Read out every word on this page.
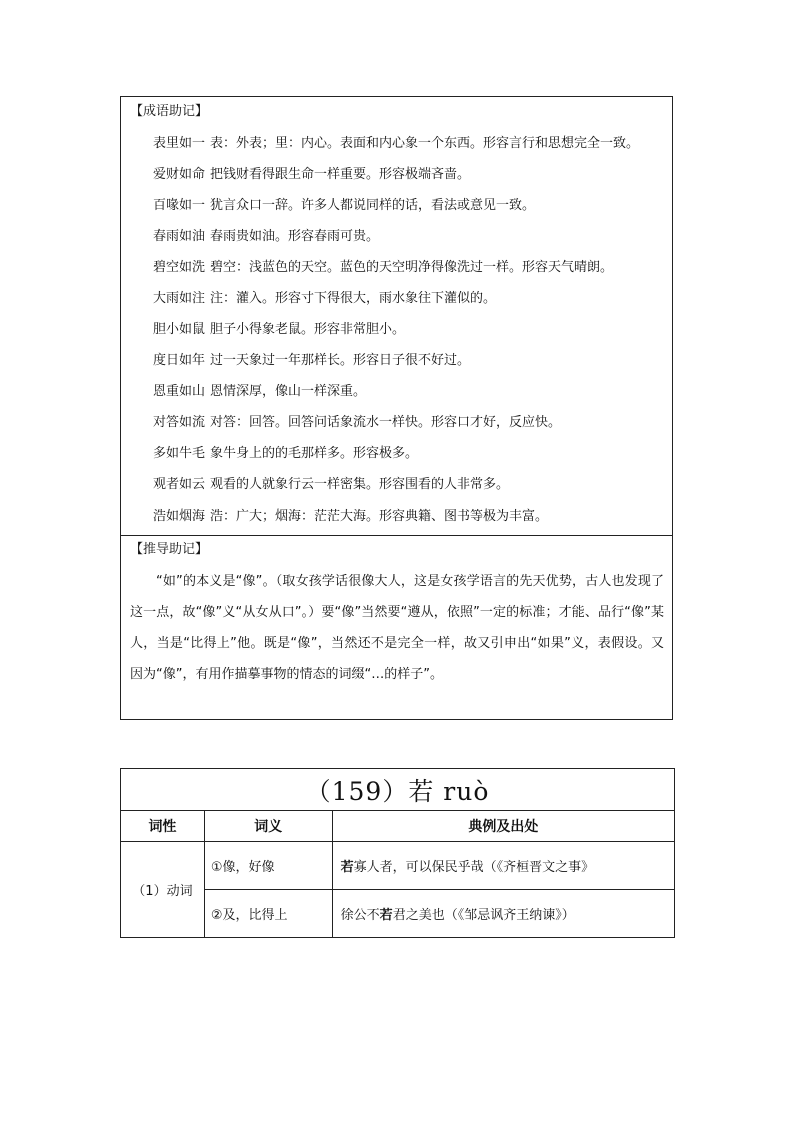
【成语助记】
表里如一 表：外表；里：内心。表面和内心象一个东西。形容言行和思想完全一致。
爱财如命 把钱财看得跟生命一样重要。形容极端吝啬。
百喙如一 犹言众口一辞。许多人都说同样的话，看法或意见一致。
春雨如油 春雨贵如油。形容春雨可贵。
碧空如洗 碧空：浅蓝色的天空。蓝色的天空明净得像洗过一样。形容天气晴朗。
大雨如注 注：灌入。形容寸下得很大，雨水象往下灌似的。
胆小如鼠 胆子小得象老鼠。形容非常胆小。
度日如年 过一天象过一年那样长。形容日子很不好过。
恩重如山 恩情深厚，像山一样深重。
对答如流 对答：回答。回答问话象流水一样快。形容口才好，反应快。
多如牛毛 象牛身上的的毛那样多。形容极多。
观者如云 观看的人就象行云一样密集。形容围看的人非常多。
浩如烟海 浩：广大；烟海：茫茫大海。形容典籍、图书等极为丰富。
【推导助记】

“如”的本义是“像”。（取女孩学话很像大人，这是女孩学语言的先天优势，古人也发现了这一点，故“像”义“从女从口”。）要“像”当然要“遵从，依照”一定的标准；才能、品行“像”某人，当是“比得上”他。既是“像”，当然还不是完全一样，故又引申出“如果”义，表假设。又因为“像”，有用作描摹事物的情态的词缀“…的样子”。

（159）若 ruò		
词性	词义	典例及出处
（1）动词	①像，好像	若寡人者，可以保民乎哉（《齐桓晋文之事》
	②及，比得上	徐公不若君之美也（《邹忌讽齐王纳谏》）
